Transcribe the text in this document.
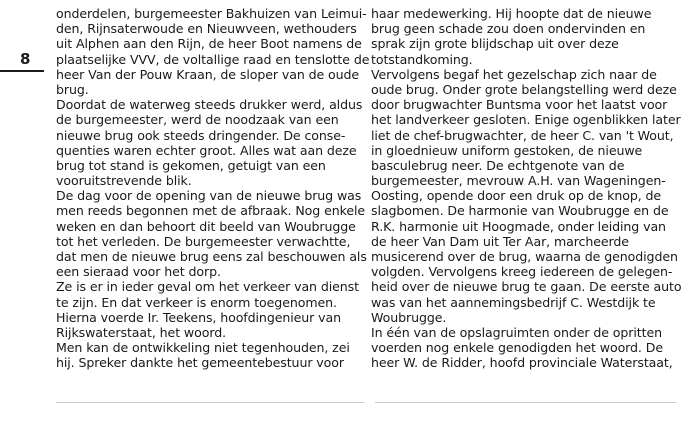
8
onderdelen, burgemeester Bakhuizen van Leimui-
den, Rijnsaterwoude en Nieuwveen, wethouders
uit Alphen aan den Rijn, de heer Boot namens de
plaatselijke VVV, de voltallige raad en tenslotte de
heer Van der Pouw Kraan, de sloper van de oude
brug.
Doordat de waterweg steeds drukker werd, aldus
de burgemeester, werd de noodzaak van een
nieuwe brug ook steeds dringender. De conse-
quenties waren echter groot. Alles wat aan deze
brug tot stand is gekomen, getuigt van een
vooruitstrevende blik.
De dag voor de opening van de nieuwe brug was
men reeds begonnen met de afbraak. Nog enkele
weken en dan behoort dit beeld van Woubrugge
tot het verleden. De burgemeester verwachtte,
dat men de nieuwe brug eens zal beschouwen als
een sieraad voor het dorp.
Ze is er in ieder geval om het verkeer van dienst
te zijn. En dat verkeer is enorm toegenomen.
Hierna voerde Ir. Teekens, hoofdingenieur van
Rijkswaterstaat, het woord.
Men kan de ontwikkeling niet tegenhouden, zei
hij. Spreker dankte het gemeentebestuur voor
haar medewerking. Hij hoopte dat de nieuwe
brug geen schade zou doen ondervinden en
sprak zijn grote blijdschap uit over deze
totstandkoming.
Vervolgens begaf het gezelschap zich naar de
oude brug. Onder grote belangstelling werd deze
door brugwachter Buntsma voor het laatst voor
het landverkeer gesloten. Enige ogenblikken later
liet de chef-brugwachter, de heer C. van 't Wout,
in gloednieuw uniform gestoken, de nieuwe
basculebrug neer. De echtgenote van de
burgemeester, mevrouw A.H. van Wageningen-
Oosting, opende door een druk op de knop, de
slagbomen. De harmonie van Woubrugge en de
R.K. harmonie uit Hoogmade, onder leiding van
de heer Van Dam uit Ter Aar, marcheerde
musicerend over de brug, waarna de genodigden
volgden. Vervolgens kreeg iedereen de gelegen-
heid over de nieuwe brug te gaan. De eerste auto
was van het aannemingsbedrijf C. Westdijk te
Woubrugge.
In één van de opslagruimten onder de opritten
voerden nog enkele genodigden het woord. De
heer W. de Ridder, hoofd provinciale Waterstaat,
